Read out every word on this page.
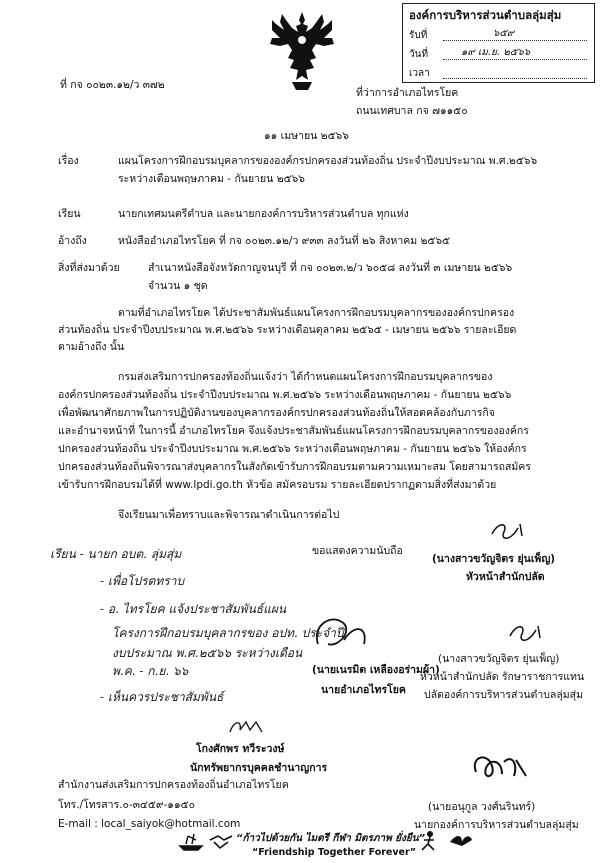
องค์การบริหารส่วนตำบลลุ่มสุ่ม
รับที่	๖๕๙
วันที่	๑๙ เม.ย. ๒๕๖๖
เวลา
ที่ กจ ๐๐๒๓.๑๒/ว ๓๗๒
ที่ว่าการอำเภอไทรโยค
ถนนเทศบาล กจ ๗๑๑๕๐
๑๑ เมษายน ๒๕๖๖
เรื่อง	แผนโครงการฝึกอบรมบุคลากรขององค์กรปกครองส่วนท้องถิ่น ประจำปีงบประมาณ พ.ศ.๒๕๖๖
ระหว่างเดือนพฤษภาคม - กันยายน ๒๕๖๖
เรียน	นายกเทศมนตรีตำบล และนายกองค์การบริหารส่วนตำบล ทุกแห่ง
อ้างถึง	หนังสืออำเภอไทรโยค ที่ กจ ๐๐๒๓.๑๒/ว ๙๓๓ ลงวันที่ ๒๖ สิงหาคม ๒๕๖๕
สิ่งที่ส่งมาด้วย	สำเนาหนังสือจังหวัดกาญจนบุรี ที่ กจ ๐๐๒๓.๒/ว ๖๐๕๘ ลงวันที่ ๓ เมษายน ๒๕๖๖
จำนวน ๑ ชุด
ตามที่อำเภอไทรโยค ได้ประชาสัมพันธ์แผนโครงการฝึกอบรมบุคลากรขององค์กรปกครอง
ส่วนท้องถิ่น ประจำปีงบประมาณ พ.ศ.๒๕๖๖ ระหว่างเดือนตุลาคม ๒๕๖๕ - เมษายน ๒๕๖๖ รายละเอียด
ตามอ้างถึง นั้น
กรมส่งเสริมการปกครองท้องถิ่นแจ้งว่า ได้กำหนดแผนโครงการฝึกอบรมบุคลากรของ
องค์กรปกครองส่วนท้องถิ่น ประจำปีงบประมาณ พ.ศ.๒๕๖๖ ระหว่างเดือนพฤษภาคม - กันยายน ๒๕๖๖
เพื่อพัฒนาศักยภาพในการปฏิบัติงานของบุคลากรองค์กรปกครองส่วนท้องถิ่นให้สอดคล้องกับภารกิจ
และอำนาจหน้าที่ ในการนี้ อำเภอไทรโยค จึงแจ้งประชาสัมพันธ์แผนโครงการฝึกอบรมบุคลากรขององค์กร
ปกครองส่วนท้องถิ่น ประจำปีงบประมาณ พ.ศ.๒๕๖๖ ระหว่างเดือนพฤษภาคม - กันยายน ๒๕๖๖ ให้องค์กร
ปกครองส่วนท้องถิ่นพิจารณาส่งบุคลากรในสังกัดเข้ารับการฝึกอบรมตามความเหมาะสม โดยสามารถสมัคร
เข้ารับการฝึกอบรมได้ที่ www.lpdi.go.th หัวข้อ สมัครอบรม รายละเอียดปรากฏตามสิ่งที่ส่งมาด้วย
จึงเรียนมาเพื่อทราบและพิจารณาดำเนินการต่อไป
(นางสาวขวัญจิตร ยุ่นเพ็ญ)
หัวหน้าสำนักปลัด
ขอแสดงความนับถือ
(นายเนรมิต เหลืองอร่ามผ้า)
นายอำเภอไทรโยค
(นางสาวขวัญจิตร ยุ่นเพ็ญ)
หัวหน้าสำนักปลัด รักษาราชการแทน
ปลัดองค์การบริหารส่วนตำบลลุ่มสุ่ม
เรียน - นายก อบต. ลุ่มสุ่ม
- เพื่อโปรดทราบ
- อ. ไทรโยค แจ้งประชาสัมพันธ์แผน
โครงการฝึกอบรมบุคลากรของ อปท. ประจำปี
งบประมาณ พ.ศ.๒๕๖๖ ระหว่างเดือน
พ.ค. - ก.ย. ๖๖
- เห็นควรประชาสัมพันธ์
โกงศักพร ทวีระวงษ์
นักทรัพยากรบุคคลชำนาญการ
(นายอนุกูล วงศ์นรินทร์)
นายกองค์การบริหารส่วนตำบลลุ่มสุ่ม
สำนักงานส่งเสริมการปกครองท้องถิ่นอำเภอไทรโยค
โทร./โทรสาร.๐-๓๔๕๙-๑๑๕๐
E-mail : local_saiyok@hotmail.com
“ก้าวไปด้วยกัน ไมตรี กีฬา มิตรภาพ ยั่งยืน”
“Friendship Together Forever”
